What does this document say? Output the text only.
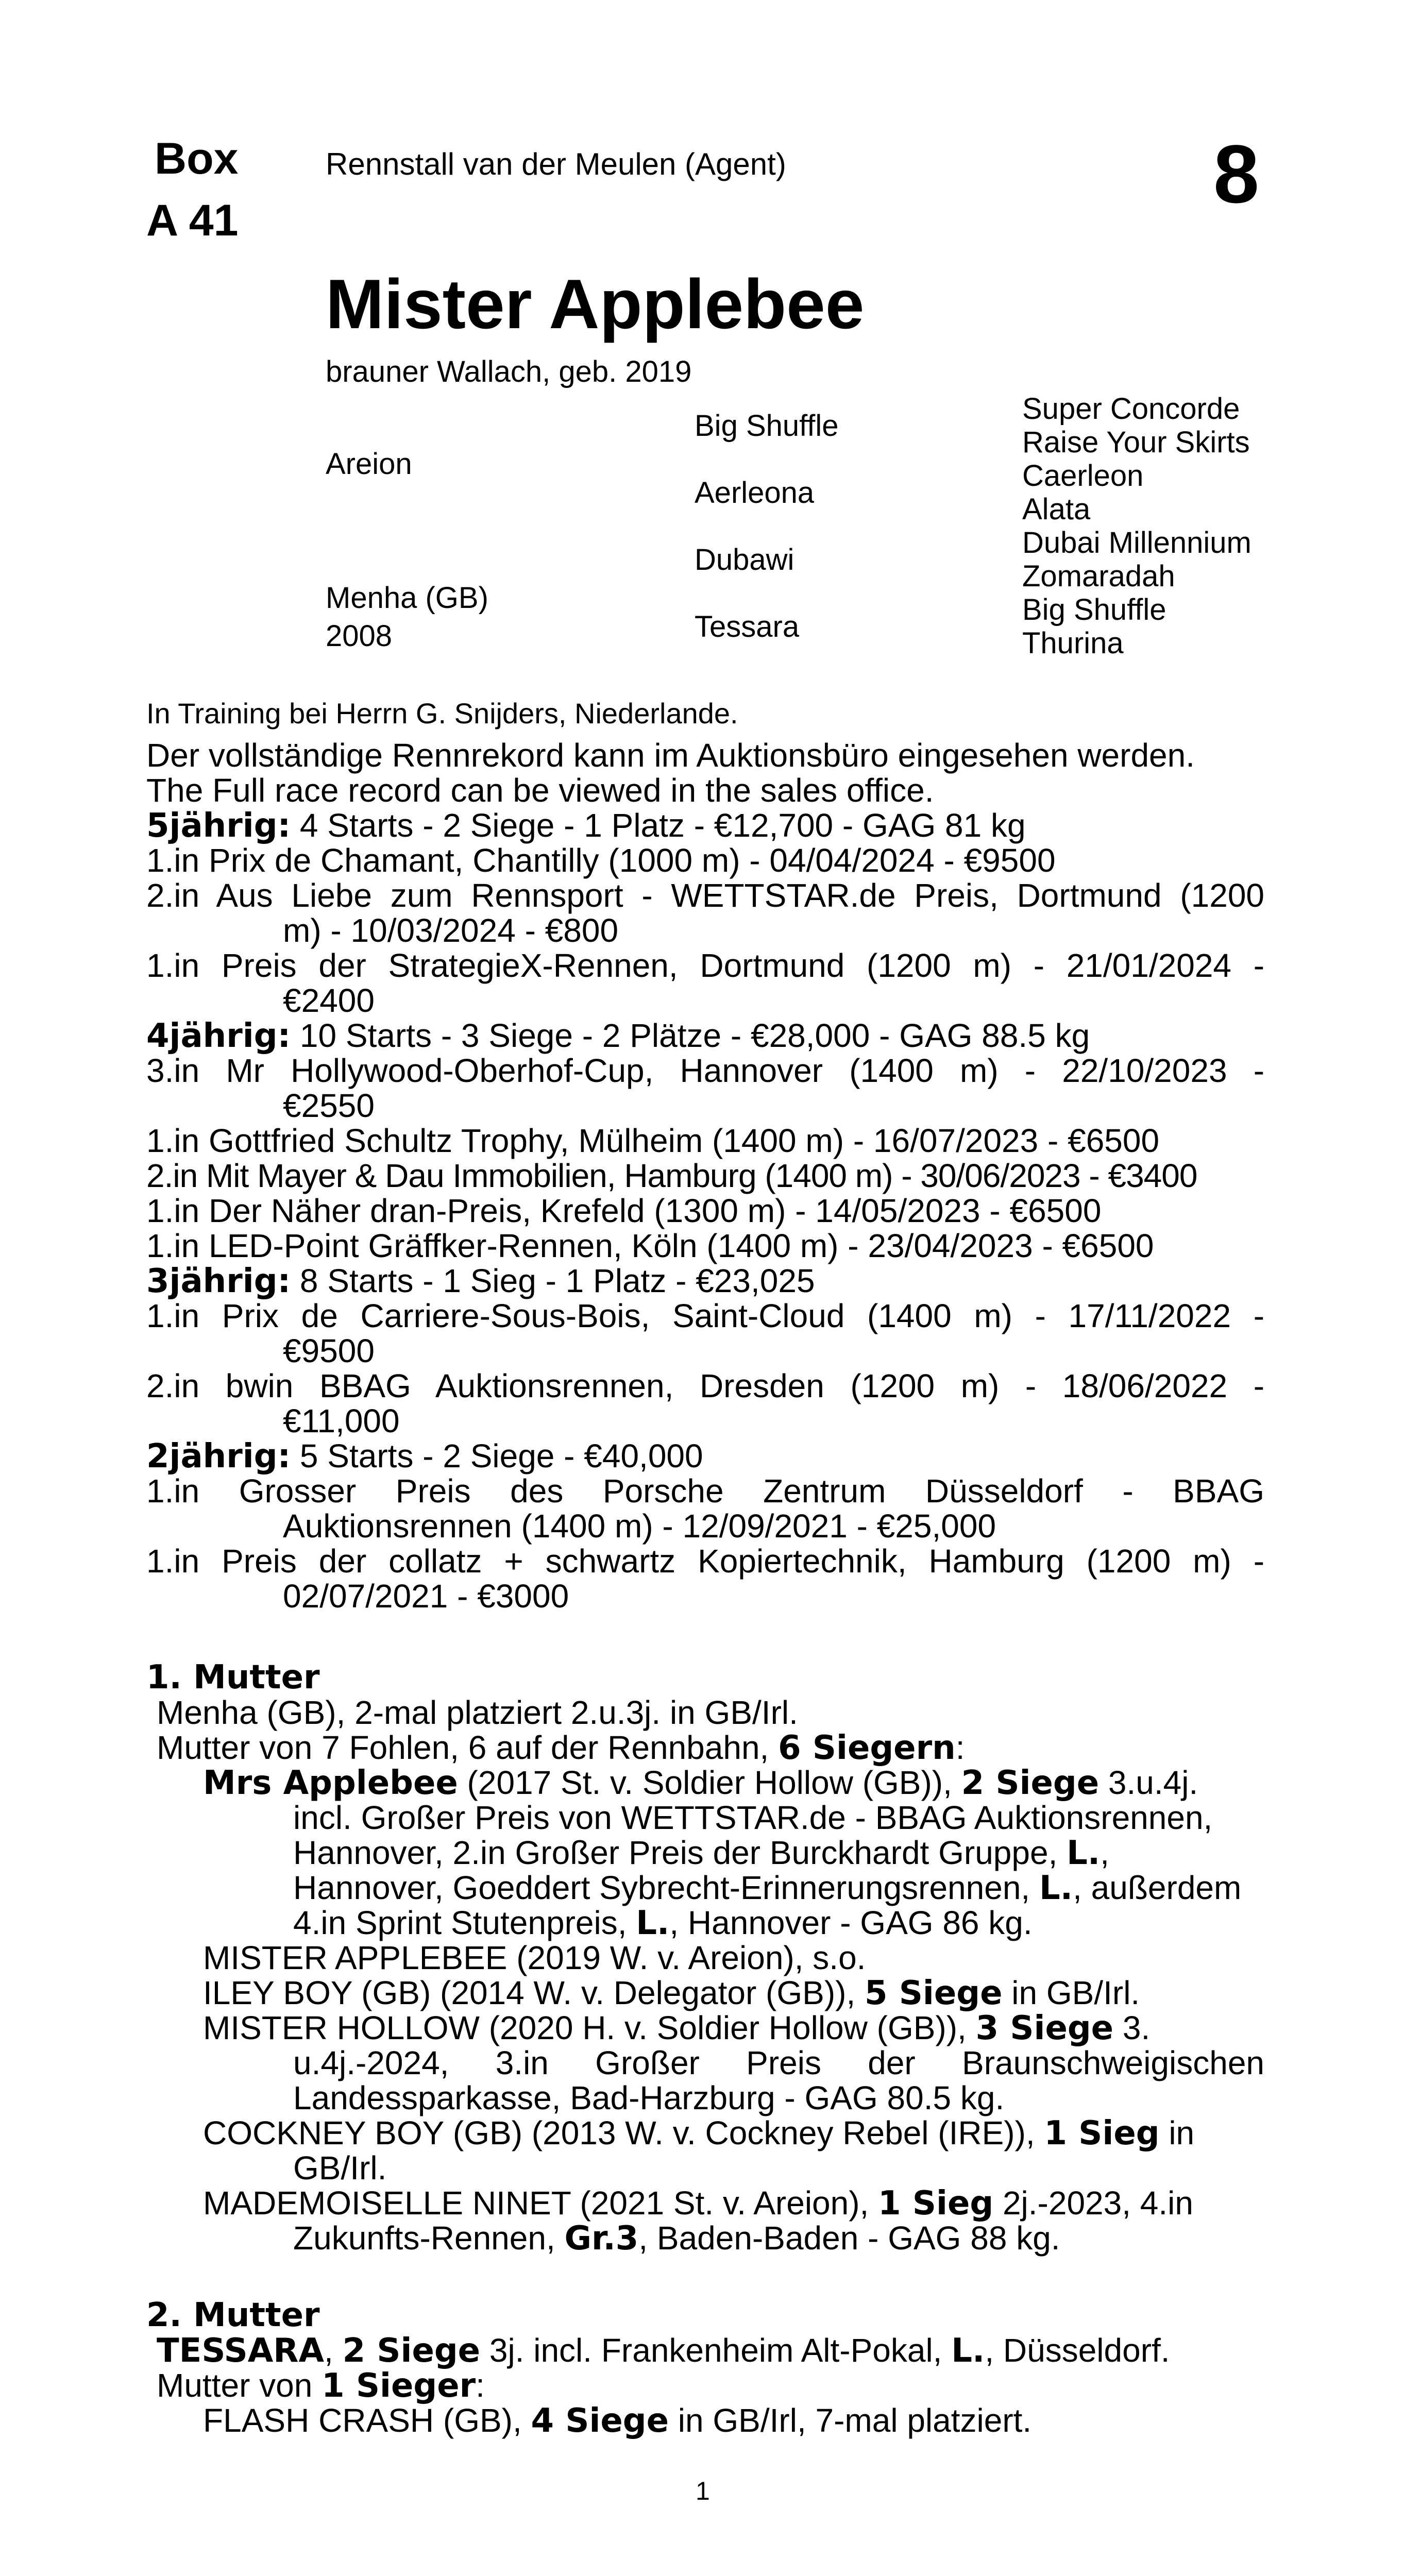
Box
A 41
Rennstall van der Meulen (Agent)	8
Mister Applebee
brauner Wallach, geb. 2019
Areion
Menha (GB)
2008
Big Shuffle
Aerleona
Dubawi
Tessara
Super Concorde
Raise Your Skirts
Caerleon
Alata
Dubai Millennium
Zomaradah
Big Shuffle
Thurina
In Training bei Herrn G. Snijders, Niederlande.
Der vollständige Rennrekord kann im Auktionsbüro eingesehen werden.
The Full race record can be viewed in the sales office.
5jährig: 4 Starts - 2 Siege - 1 Platz - €12,700 - GAG 81 kg
1.in Prix de Chamant, Chantilly (1000 m) - 04/04/2024 - €9500
2.in Aus Liebe zum Rennsport - WETTSTAR.de Preis, Dortmund (1200
m) - 10/03/2024 - €800
1.in Preis der StrategieX-Rennen, Dortmund (1200 m) - 21/01/2024 -
€2400
4jährig: 10 Starts - 3 Siege - 2 Plätze - €28,000 - GAG 88.5 kg
3.in Mr Hollywood-Oberhof-Cup, Hannover (1400 m) - 22/10/2023 -
€2550
1.in Gottfried Schultz Trophy, Mülheim (1400 m) - 16/07/2023 - €6500
2.in Mit Mayer & Dau Immobilien, Hamburg (1400 m) - 30/06/2023 - €3400
1.in Der Näher dran-Preis, Krefeld (1300 m) - 14/05/2023 - €6500
1.in LED-Point Gräffker-Rennen, Köln (1400 m) - 23/04/2023 - €6500
3jährig: 8 Starts - 1 Sieg - 1 Platz - €23,025
1.in Prix de Carriere-Sous-Bois, Saint-Cloud (1400 m) - 17/11/2022 -
€9500
2.in bwin BBAG Auktionsrennen, Dresden (1200 m) - 18/06/2022 -
€11,000
2jährig: 5 Starts - 2 Siege - €40,000
1.in Grosser Preis des Porsche Zentrum Düsseldorf - BBAG
Auktionsrennen (1400 m) - 12/09/2021 - €25,000
1.in Preis der collatz + schwartz Kopiertechnik, Hamburg (1200 m) -
02/07/2021 - €3000
1. Mutter
Menha (GB), 2-mal platziert 2.u.3j. in GB/Irl.
Mutter von 7 Fohlen, 6 auf der Rennbahn, 6 Siegern:
Mrs Applebee (2017 St. v. Soldier Hollow (GB)), 2 Siege 3.u.4j.
incl. Großer Preis von WETTSTAR.de - BBAG Auktionsrennen,
Hannover, 2.in Großer Preis der Burckhardt Gruppe, L.,
Hannover, Goeddert Sybrecht-Erinnerungsrennen, L., außerdem
4.in Sprint Stutenpreis, L., Hannover - GAG 86 kg.
MISTER APPLEBEE (2019 W. v. Areion), s.o.
ILEY BOY (GB) (2014 W. v. Delegator (GB)), 5 Siege in GB/Irl.
MISTER HOLLOW (2020 H. v. Soldier Hollow (GB)), 3 Siege 3.
u.4j.-2024, 3.in Großer Preis der Braunschweigischen
Landessparkasse, Bad-Harzburg - GAG 80.5 kg.
COCKNEY BOY (GB) (2013 W. v. Cockney Rebel (IRE)), 1 Sieg in
GB/Irl.
MADEMOISELLE NINET (2021 St. v. Areion), 1 Sieg 2j.-2023, 4.in
Zukunfts-Rennen, Gr.3, Baden-Baden - GAG 88 kg.
2. Mutter
TESSARA, 2 Siege 3j. incl. Frankenheim Alt-Pokal, L., Düsseldorf.
Mutter von 1 Sieger:
FLASH CRASH (GB), 4 Siege in GB/Irl, 7-mal platziert.
1
